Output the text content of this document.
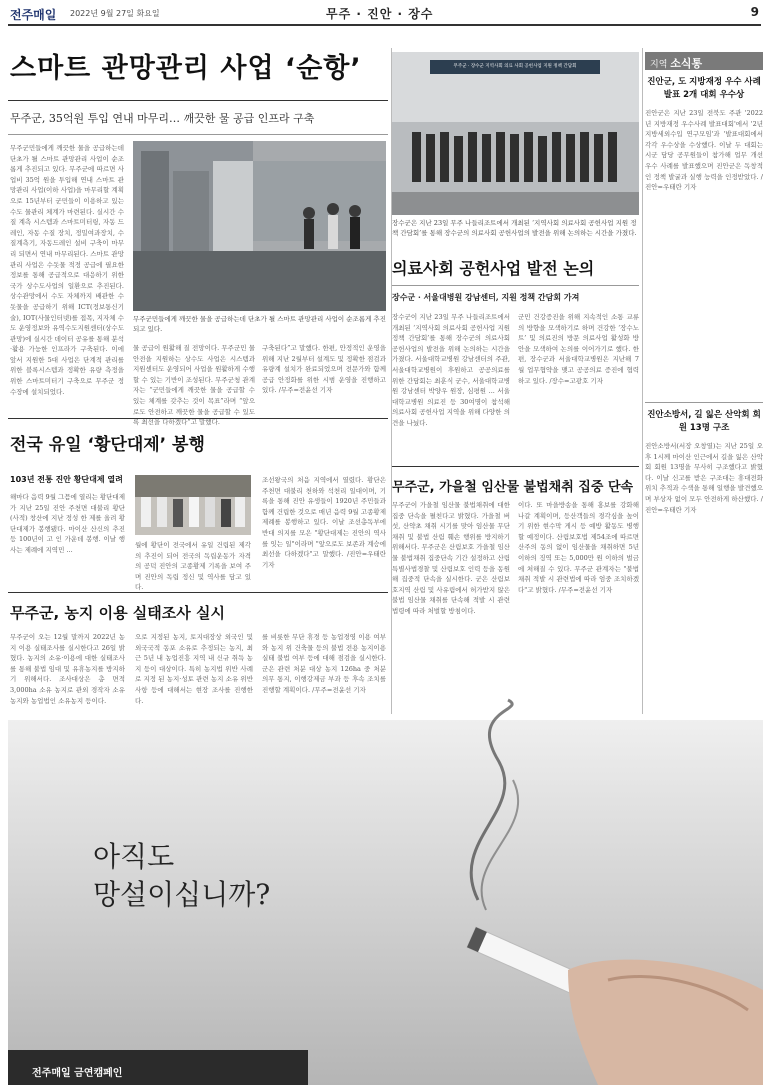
전주매일 2022년 9월 27일 화요일	무주 · 진안 · 장수	9
스마트 관망관리 사업 ‘순항’
무주군, 35억원 투입 연내 마무리… 깨끗한 물 공급 인프라 구축
무주군민들에게 깨끗한 물을 공급하는데 단초가 될 스마트 관망관리 사업이 순조롭게 추진되고 있다. 무주군에 따르면 사업비 35억 원을 투입해 연내 스마트 관망관리 사업(이하 사업)을 마무리할 계획으로 15년부터 군민들이 이용하고 있는 수도 물관리 체계가 마련된다. 실시간 수질 계측 시스템과 스마트미터링, 자동 드레인, 자동 수질 장치, 정밀여과장치, 수질계측기, 자동드레인 설비 구축이 마무리 되면서 연내 마무리된다. 스마트 관망관리 사업은 수돗물 적정 공급에 필요한 정보를 통해 공급적으로 대응하기 위한 국가 상수도사업의 일환으로 추진된다. 상수관망에서 수도 자체까지 배관한 수돗물을 공급하기 위해 ICT(정보통신기술), IOT(사물인터넷)를 접목, 지자체 수도 운영정보와 유역수도지원센터(상수도관망)에 실시간 데이터 공유를 통해 분석·활용 가능한 인프라가 구축된다. 이에 앞서 지원한 5대 사업은 단계적 관리를 위한 블록시스템과 정확한 유량 측정을 위한 스마트미터기 구축으로 무주군 정수장에 설치되었다.
무주군민들에게 깨끗한 물을 공급하는데 단초가 될 스마트 관망관리 사업이 순조롭게 추진되고 있다.
물 공급이 원활해 질 전망이다. 무주군민 물 안전을 지원하는 상수도 사업은 시스템과 지원센터도 운영되어 사업을 원활하게 수행할 수 있는 기반이 조성된다. 무주군청 관계자는 “군민들에게 깨끗한 물을 공급할 수 있는 체계를 갖추는 것이 목표”라며 “앞으로도 안전하고 깨끗한 물을 공급할 수 있도록 최선을 다하겠다”고 말했다.
구축된다”고 말했다. 한편, 안정적인 운영을 위해 지난 2월부터 설계도 및 정확한 점검과 유량계 설치가 완료되었으며 전문가와 함께 공급 안정화를 위한 시범 운영을 진행하고 있다. /무주=전윤선 기자
전국 유일 ‘황단대제’ 봉행
103년 전통 진안 황단대제 열려
해마다 음력 9월 그믐에 열리는 황단대제가 지난 25일 진안 주천면 대불리 황단(사적) 창산에 지난 정성 한 제를 올려 황단대제가 봉행됐다. 마이산 산신의 추진 등 100년이 고 인 가운데 봉행. 이날 행사는 제례에 지역민 ...
월에 황단이 전국에서 유일 건립된 제각의 추진이 되어 전국의 독립운동가 자격의 공덕 진안의 고종황제 기록을 보여 주며 진안의 독립 정신 및 역사를 담고 있다.
조선왕국의 처음 지역에서 열렸다. 황단은 주천면 대불리 천하와 석천리 일대이며, 기록을 통해 진안 유생들이 1920년 주민들과 함께 건립한 것으로 매년 음력 9월 고종황제 제례를 봉행하고 있다. 이날 조선총독부에 반대 의지를 모은 "황단대제는 진안의 역사를 잇는 일"이라며 "앞으로도 보존과 계승에 최선을 다하겠다"고 말했다. /진안=우태란 기자
무주군, 농지 이용 실태조사 실시
무주군이 오는 12월 말까지 2022년 농지 이용 실태조사를 실시한다고 26일 밝혔다. 농지의 소유·이용에 대한 실태조사를 통해 불법 임대 및 유휴농지를 방지하기 위해서다. 조사대상은 총 면적 3,000ha 소유 농지로 관외 경작자 소유 농지와 농업법인 소유농지 등이다.
으로 지정된 농지, 토지대장상 외국인 및 외국국적 동포 소유로 추정되는 농지, 최근 5년 내 농업진흥 지역 내 신규 취득 농지 등이 대상이다. 특히 농지법 위반 사례로 지정 된 농지·성토 관련 농지 소유 위반 사항 등에 대해서는 현장 조사를 진행한다.
를 비롯한 무단 휴경 등 농업경영 이용 여부와 농지 위 건축물 등의 불법 전용 농지이용실태 불법 여부 등에 대해 점검을 실시한다. 군은 관련 처분 대상 농지 126ha 중 처분 의무 통지, 이행강제금 부과 등 후속 조치를 진행할 계획이다. /무주=전윤선 기자
무주군 · 장수군 지역사회 의료 사회 공헌사업 지원 정책 간담회
장수군은 지난 23일 무주 나들리조트에서 개최된 ‘지역사회 의료사회 공헌사업 지원 정책 간담회’를 통해 장수군의 의료사회 공헌사업의 발전을 위해 논의하는 시간을 가졌다.
의료사회 공헌사업 발전 논의
장수군 · 서울대병원 강남센터, 지원 정책 간담회 가져
장수군이 지난 23일 무주 나들리조트에서 개최된 ‘지역사회 의료사회 공헌사업 지원 정책 간담회’를 통해 장수군의 의료사회 공헌사업의 발전을 위해 논의하는 시간을 가졌다. 서울대학교병원 강남센터의 주관, 서울대학교병원이 후원하고 공공의료를 위한 간담회는 최훈식 군수, 서울대학교병원 강남센터 박양우 원장, 심평원 ... 서울대학교병원 의료진 등 30여명이 참석해 의료사회 공헌사업 지역을 위해 다양한 의견을 나눴다.
군민 건강증진을 위해 지속적인 소통 교류의 방향을 모색하기로 하며 건강한 ‘장수노트’ 및 의료진의 방문 의료사업 활성화 방안을 모색하여 논의를 이어가기로 했다. 한편, 장수군과 서울대학교병원은 지난해 7월 업무협약을 맺고 공공의료 증진에 협력하고 있다. /장수=고광호 기자
무주군, 가을철 임산물 불법채취 집중 단속
무주군이 가을철 임산물 불법채취에 대한 집중 단속을 펼친다고 밝혔다. 가을철 버섯, 산약초 채취 시기를 맞아 임산물 무단 채취 및 불법 산림 훼손 행위를 방지하기 위해서다. 무주군은 산림보호 가을철 임산물 불법채취 집중단속 기간 설정하고 산림특별사법경찰 및 산림보호 인력 등을 동원해 집중적 단속을 실시한다. 군은 산림보호지역 산림 및 사유림에서 허가받지 않은 불법 임산물 채취를 단속해 적발 시 관련 법령에 따라 처벌할 방침이다.
이다. 또 마을방송을 통해 홍보를 강화해 나갈 계획이며, 등산객들의 경각심을 높이기 위한 현수막 게시 등 예방 활동도 병행할 예정이다. 산림보호법 제54조에 따르면 산주의 동의 없이 임산물을 채취하면 5년 이하의 징역 또는 5,000만 원 이하의 벌금에 처해질 수 있다. 무주군 관계자는 "불법 채취 적발 시 관련법에 따라 엄중 조치하겠다"고 밝혔다. /무주=전윤선 기자
지역 소식통
진안군, 도 지방재정 우수 사례 발표 2개 대회 우수상
진안군은 지난 23일 전북도 주관 '2022년 지방재정 우수사례 발표대회'에서 '2년 지방세외수입 연구모임'과 '발표대회에서 각각 우수상을 수상했다. 이날 두 대회는 시군 담당 공무원들이 참가해 업무 개선 우수 사례를 발표했으며 진안군은 독창적인 정책 발굴과 실행 능력을 인정받았다. /진안=우태란 기자
진안소방서, 길 잃은 산악회 회원 13명 구조
진안소방서(서장 오창열)는 지난 25일 오후 1시께 마이산 인근에서 길을 잃은 산악회 회원 13명을 무사히 구조했다고 밝혔다. 이날 신고를 받은 구조대는 휴대전화 위치 추적과 수색을 통해 일행을 발견했으며 부상자 없이 모두 안전하게 하산했다. /진안=우태란 기자
아직도
망설이십니까?
전주매일 금연캠페인
